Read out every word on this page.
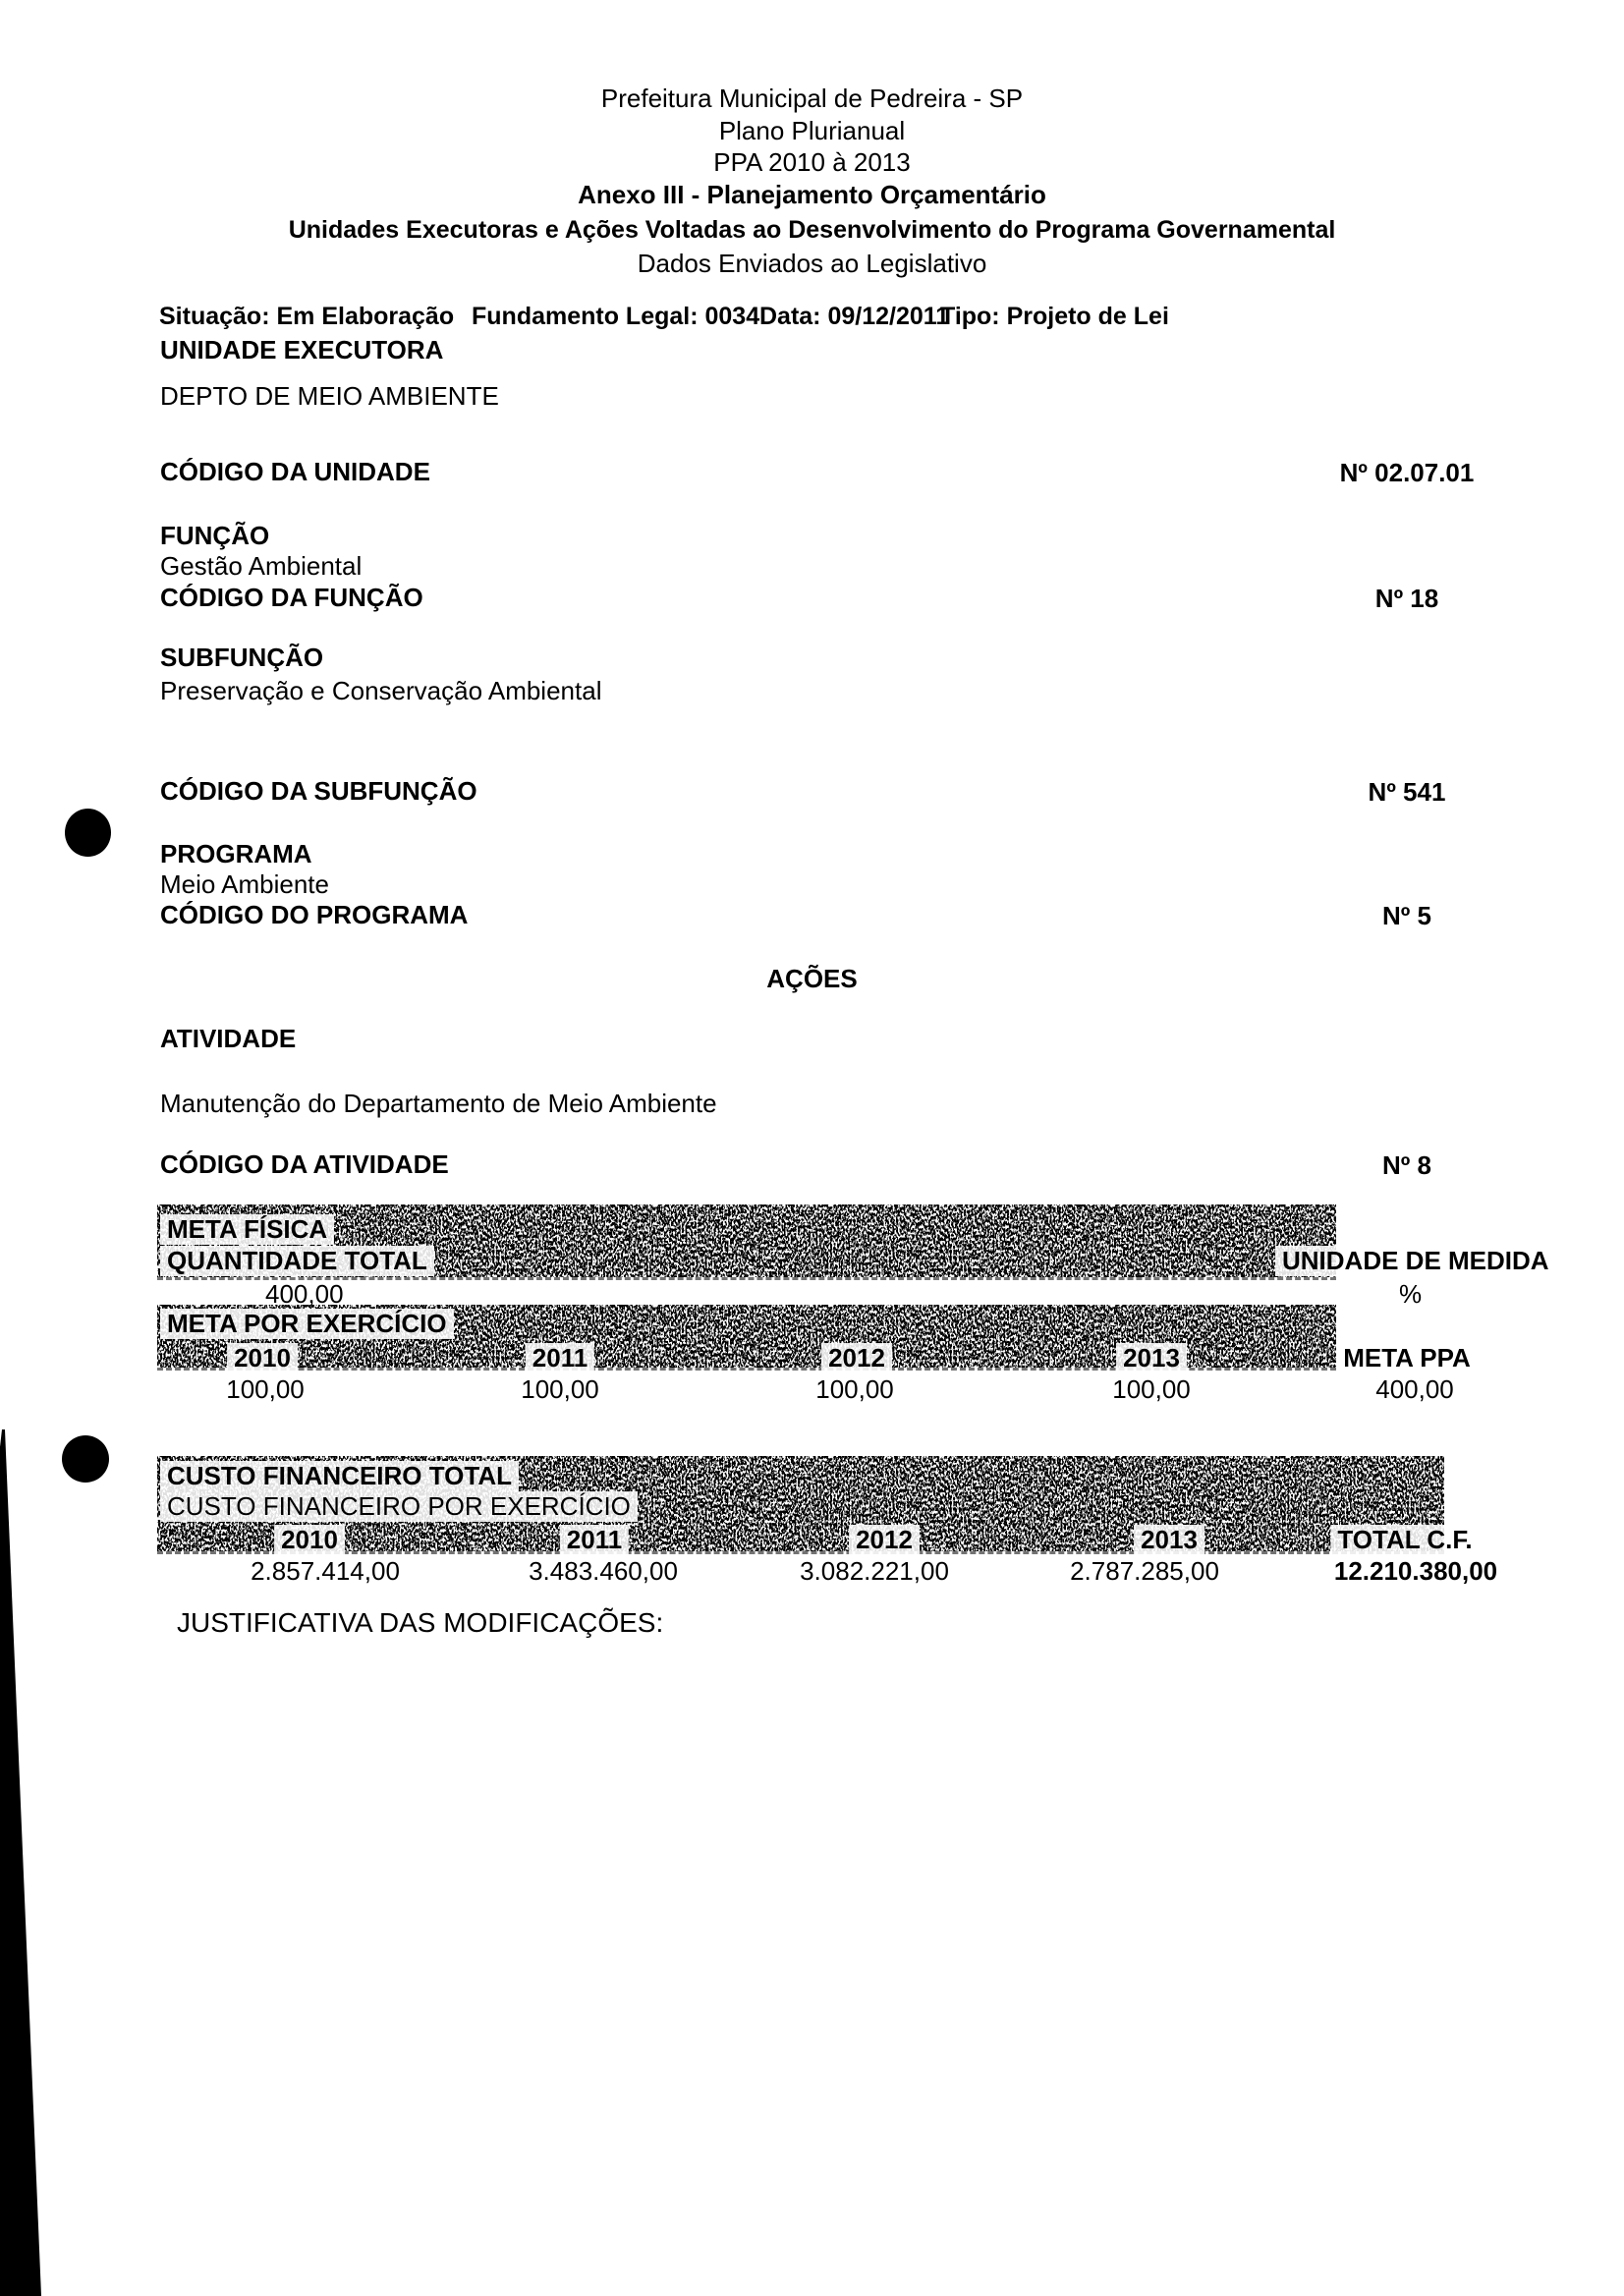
Prefeitura Municipal de Pedreira - SP
Plano Plurianual
PPA 2010 à 2013
Anexo III - Planejamento Orçamentário
Unidades Executoras e Ações Voltadas ao Desenvolvimento do Programa Governamental
Dados Enviados ao Legislativo
Situação: Em Elaboração Fundamento Legal: 0034 Data: 09/12/2011
Tipo: Projeto de Lei
UNIDADE EXECUTORA
DEPTO DE MEIO AMBIENTE
CÓDIGO DA UNIDADE	Nº 02.07.01
FUNÇÃO
Gestão Ambiental
CÓDIGO DA FUNÇÃO	Nº 18
SUBFUNÇÃO
Preservação e Conservação Ambiental
CÓDIGO DA SUBFUNÇÃO	Nº 541
PROGRAMA
Meio Ambiente
CÓDIGO DO PROGRAMA	Nº 5
AÇÕES
ATIVIDADE
Manutenção do Departamento de Meio Ambiente
CÓDIGO DA ATIVIDADE	Nº 8
META FÍSICA
QUANTIDADE TOTAL	UNIDADE DE MEDIDA
400,00	%
META POR EXERCÍCIO
2010	2011	2012	2013	META PPA
100,00	100,00	100,00	100,00	400,00
CUSTO FINANCEIRO TOTAL
CUSTO FINANCEIRO POR EXERCÍCIO
2010	2011	2012	2013	TOTAL C.F.
2.857.414,00	3.483.460,00	3.082.221,00	2.787.285,00	12.210.380,00
JUSTIFICATIVA DAS MODIFICAÇÕES:
